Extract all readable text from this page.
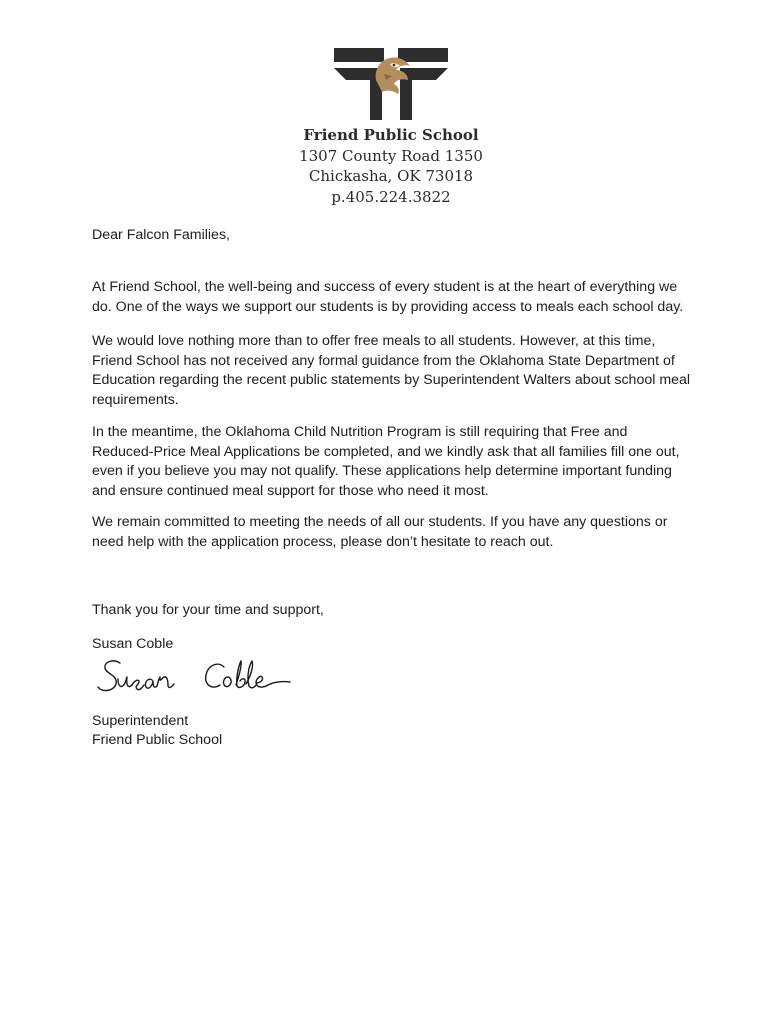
Friend Public School
1307 County Road 1350
Chickasha, OK 73018
p.405.224.3822

Dear Falcon Families,

At Friend School, the well-being and success of every student is at the heart of everything we do. One of the ways we support our students is by providing access to meals each school day.

We would love nothing more than to offer free meals to all students. However, at this time, Friend School has not received any formal guidance from the Oklahoma State Department of Education regarding the recent public statements by Superintendent Walters about school meal requirements.

In the meantime, the Oklahoma Child Nutrition Program is still requiring that Free and Reduced-Price Meal Applications be completed, and we kindly ask that all families fill one out, even if you believe you may not qualify. These applications help determine important funding and ensure continued meal support for those who need it most.

We remain committed to meeting the needs of all our students. If you have any questions or need help with the application process, please don’t hesitate to reach out.

Thank you for your time and support,

Susan Coble

Superintendent

Friend Public School
